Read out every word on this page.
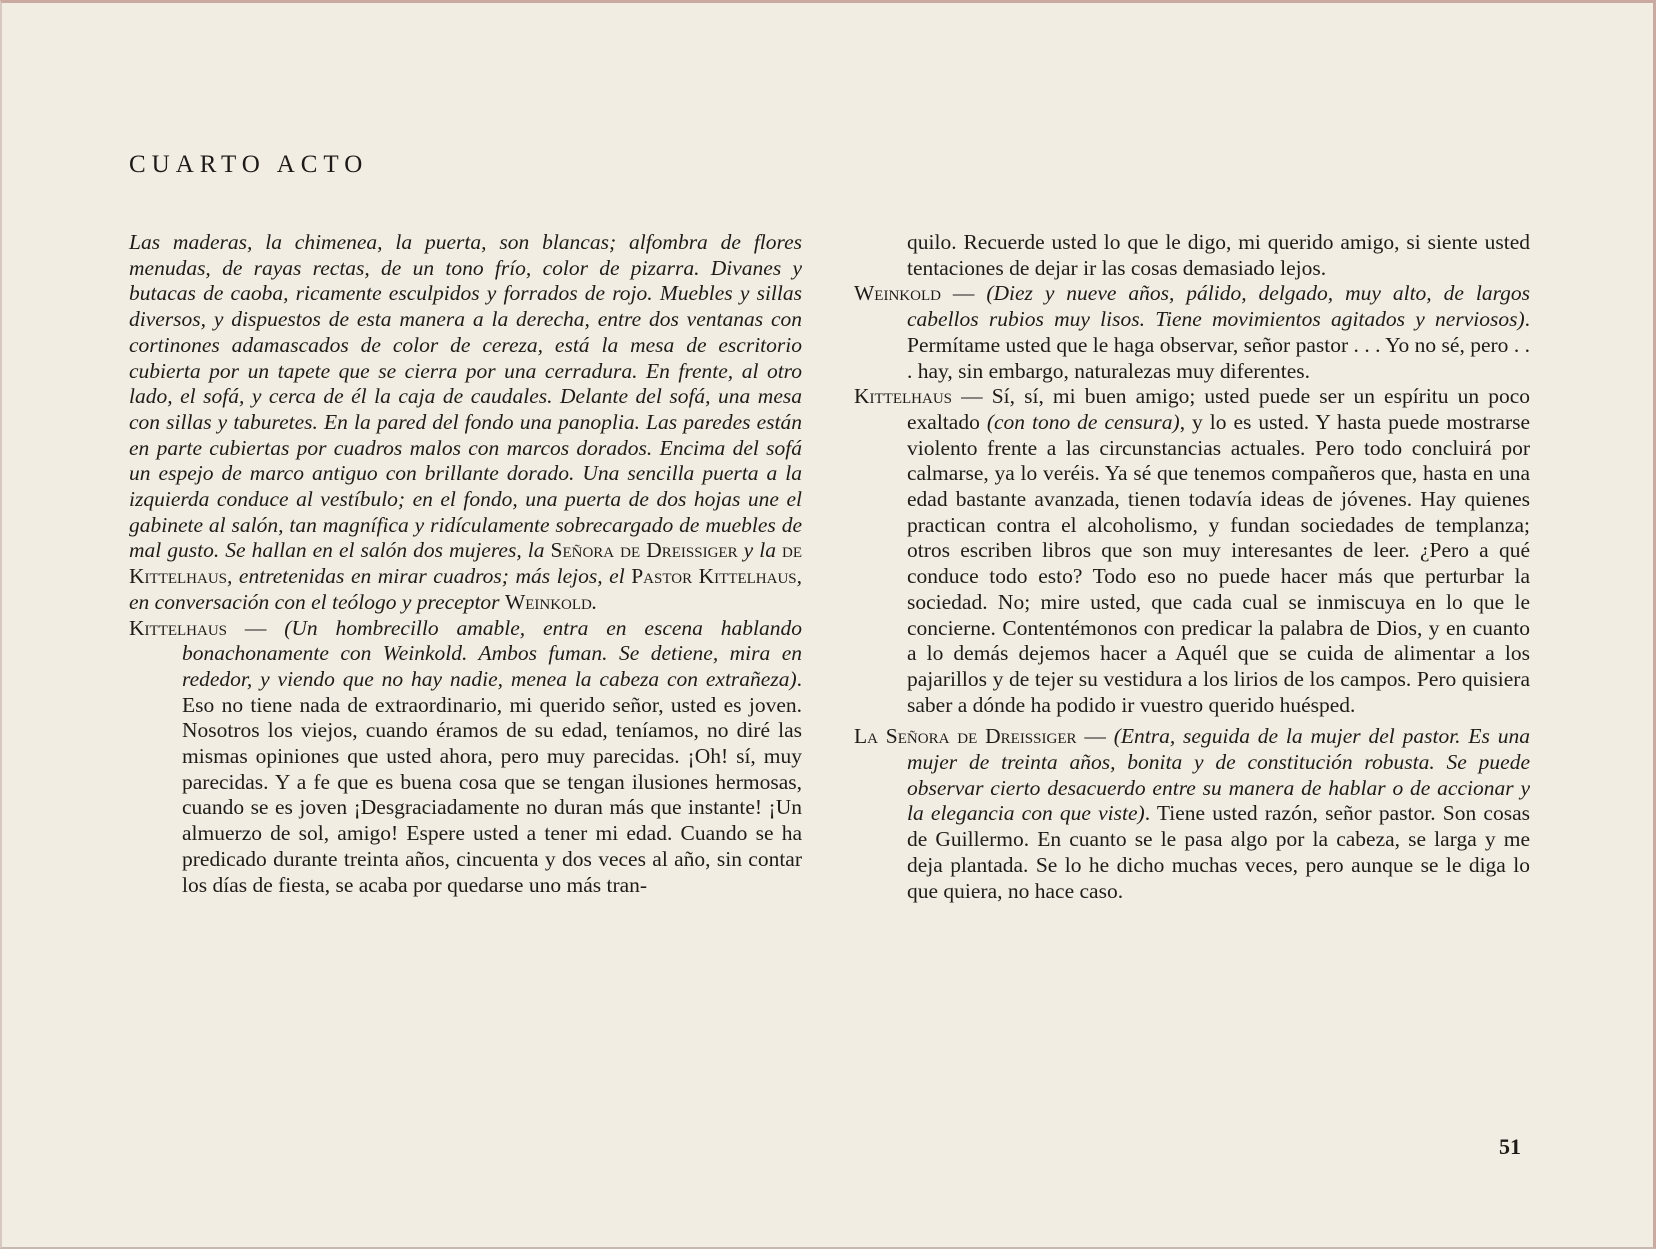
CUARTO ACTO

Las maderas, la chimenea, la puerta, son blancas; alfombra de flores menudas, de rayas rectas, de un tono frío, color de pizarra. Divanes y butacas de caoba, ricamente esculpidos y forrados de rojo. Muebles y sillas diversos, y dispuestos de esta manera a la derecha, entre dos ventanas con cortinones adamascados de color de cereza, está la mesa de escritorio cubierta por un tapete que se cierra por una cerradura. En frente, al otro lado, el sofá, y cerca de él la caja de caudales. Delante del sofá, una mesa con sillas y taburetes. En la pared del fondo una panoplia. Las paredes están en parte cubiertas por cuadros malos con marcos dorados. Encima del sofá un espejo de marco antiguo con brillante dorado. Una sencilla puerta a la izquierda conduce al vestíbulo; en el fondo, una puerta de dos hojas une el gabinete al salón, tan magnífica y ridículamente sobrecargado de muebles de mal gusto. Se hallan en el salón dos mujeres, la Señora de Dreissiger y la de Kittelhaus, entretenidas en mirar cuadros; más lejos, el Pastor Kittelhaus, en conversación con el teólogo y preceptor Weinkold.

Kittelhaus — (Un hombrecillo amable, entra en escena hablando bonachonamente con Weinkold. Ambos fuman. Se detiene, mira en rededor, y viendo que no hay nadie, menea la cabeza con extrañeza). Eso no tiene nada de extraordinario, mi querido señor, usted es joven. Nosotros los viejos, cuando éramos de su edad, teníamos, no diré las mismas opiniones que usted ahora, pero muy parecidas. ¡Oh! sí, muy parecidas. Y a fe que es buena cosa que se tengan ilusiones hermosas, cuando se es joven ¡Desgraciadamente no duran más que instante! ¡Un almuerzo de sol, amigo! Espere usted a tener mi edad. Cuando se ha predicado durante treinta años, cincuenta y dos veces al año, sin contar los días de fiesta, se acaba por quedarse uno más tran-

quilo. Recuerde usted lo que le digo, mi querido amigo, si siente usted tentaciones de dejar ir las cosas demasiado lejos.

Weinkold — (Diez y nueve años, pálido, delgado, muy alto, de largos cabellos rubios muy lisos. Tiene movimientos agitados y nerviosos). Permítame usted que le haga observar, señor pastor . . . Yo no sé, pero . . . hay, sin embargo, naturalezas muy diferentes.

Kittelhaus — Sí, sí, mi buen amigo; usted puede ser un espíritu un poco exaltado (con tono de censura), y lo es usted. Y hasta puede mostrarse violento frente a las circunstancias actuales. Pero todo concluirá por calmarse, ya lo veréis. Ya sé que tenemos compañeros que, hasta en una edad bastante avanzada, tienen todavía ideas de jóvenes. Hay quienes practican contra el alcoholismo, y fundan sociedades de templanza; otros escriben libros que son muy interesantes de leer. ¿Pero a qué conduce todo esto? Todo eso no puede hacer más que perturbar la sociedad. No; mire usted, que cada cual se inmiscuya en lo que le concierne. Contentémonos con predicar la palabra de Dios, y en cuanto a lo demás dejemos hacer a Aquél que se cuida de alimentar a los pajarillos y de tejer su vestidura a los lirios de los campos. Pero quisiera saber a dónde ha podido ir vuestro querido huésped.

La Señora de Dreissiger — (Entra, seguida de la mujer del pastor. Es una mujer de treinta años, bonita y de constitución robusta. Se puede observar cierto desacuerdo entre su manera de hablar o de accionar y la elegancia con que viste). Tiene usted razón, señor pastor. Son cosas de Guillermo. En cuanto se le pasa algo por la cabeza, se larga y me deja plantada. Se lo he dicho muchas veces, pero aunque se le diga lo que quiera, no hace caso.

51
